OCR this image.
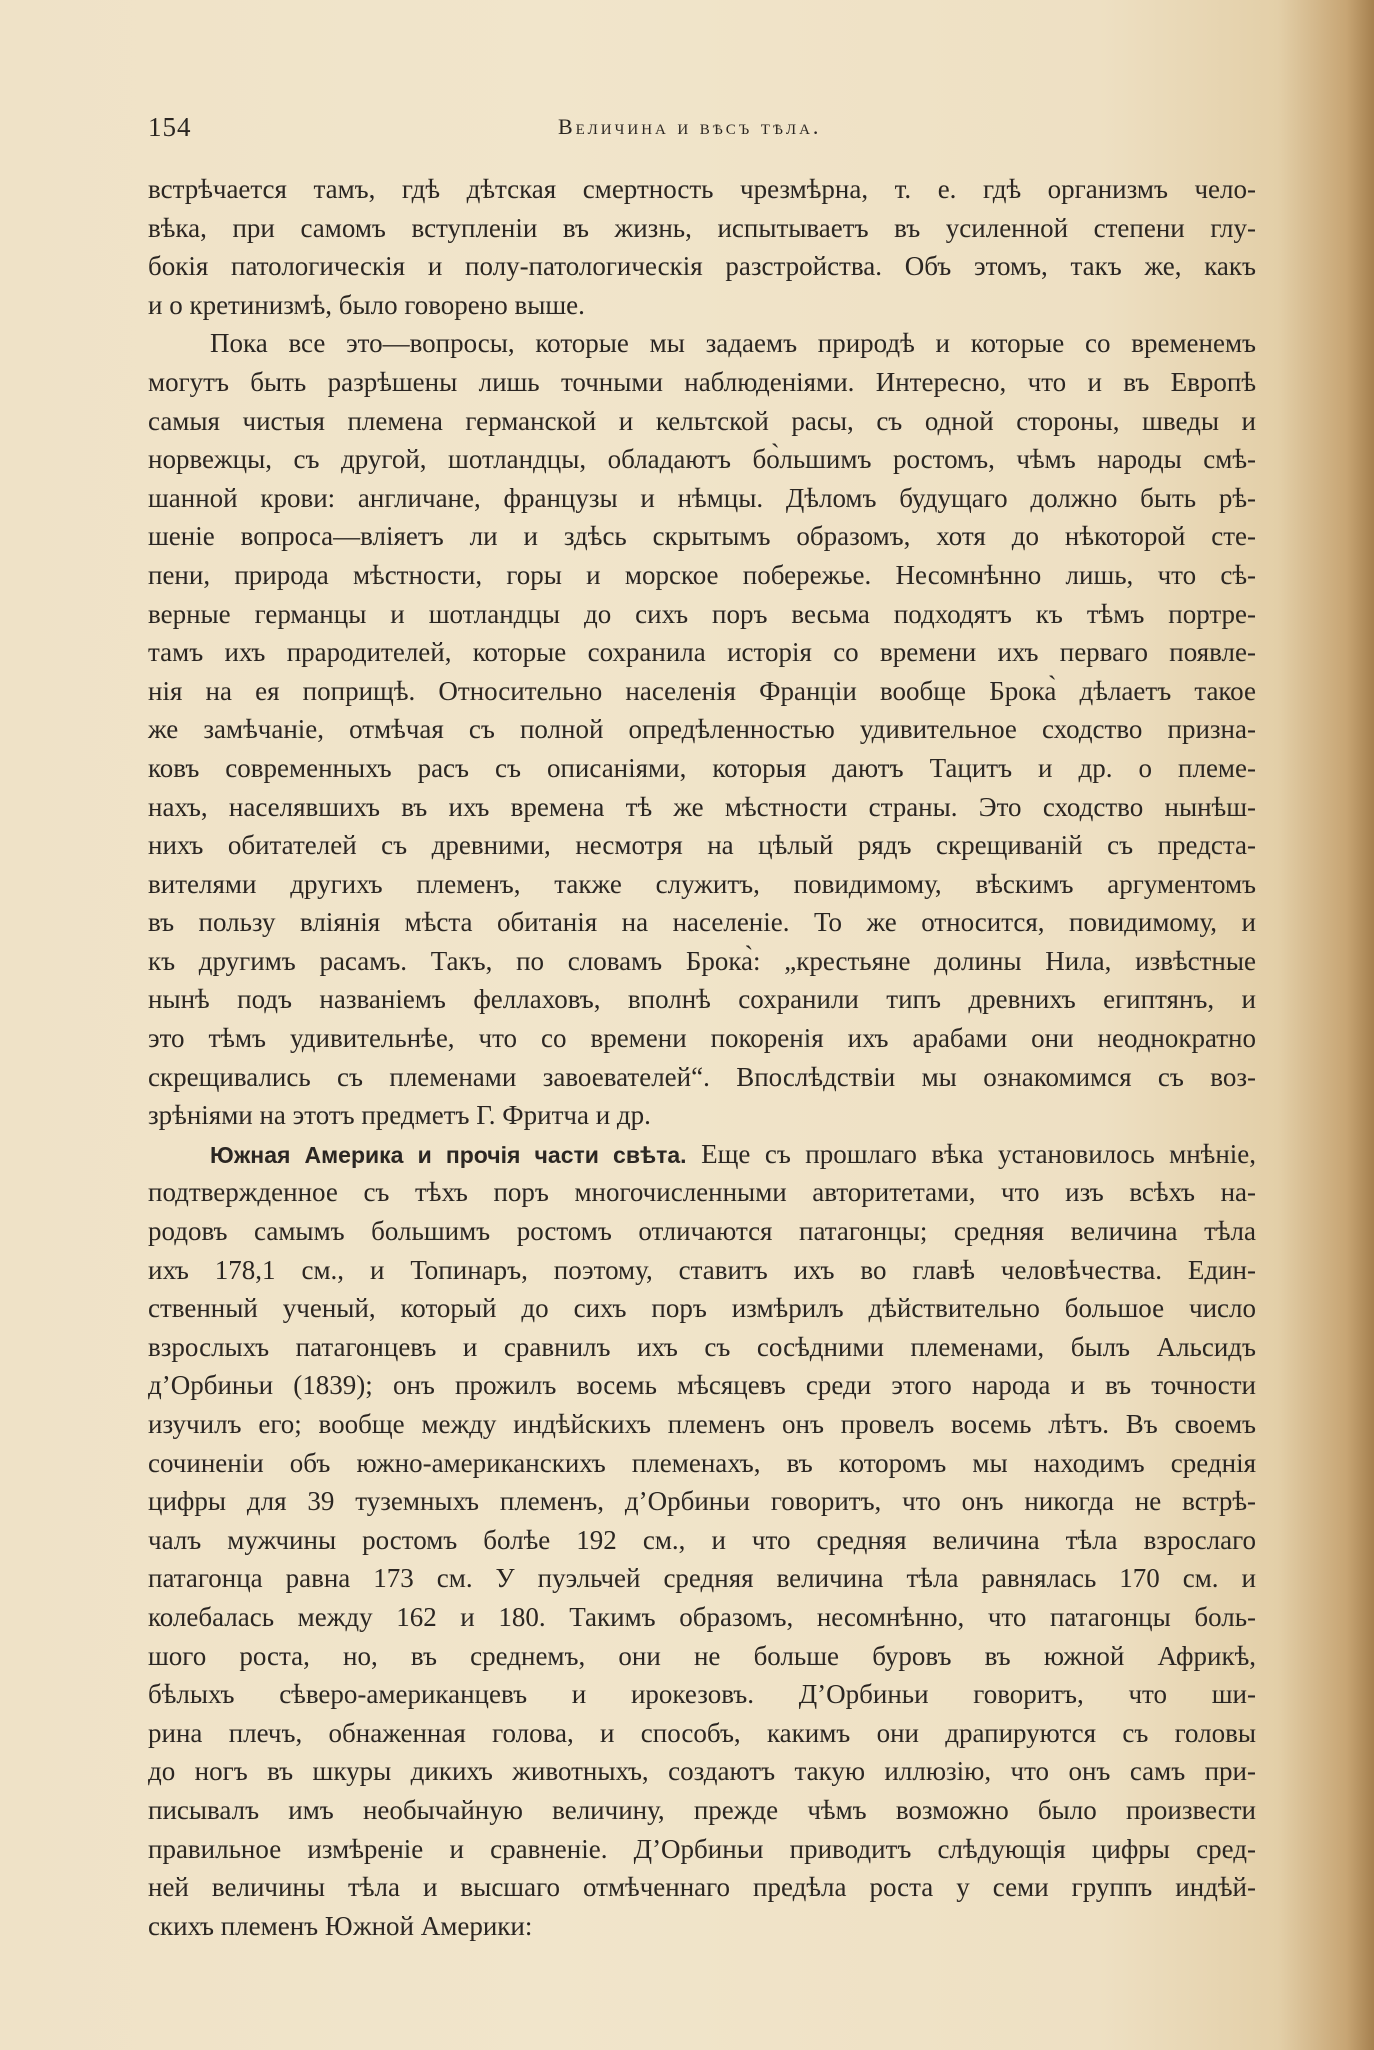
154	Величина и вѣсъ тѣла.
встрѣчается тамъ, гдѣ дѣтская смертность чрезмѣрна, т. е. гдѣ организмъ чело-
вѣка, при самомъ вступленіи въ жизнь, испытываетъ въ усиленной степени глу-
бокія патологическія и полу-патологическія разстройства. Объ этомъ, такъ же, какъ
и о кретинизмѣ, было говорено выше.
Пока все это—вопросы, которые мы задаемъ природѣ и которые со временемъ
могутъ быть разрѣшены лишь точными наблюденіями. Интересно, что и въ Европѣ
самыя чистыя племена германской и кельтской расы, съ одной стороны, шведы и
норвежцы, съ другой, шотландцы, обладаютъ бо̀льшимъ ростомъ, чѣмъ народы смѣ-
шанной крови: англичане, французы и нѣмцы. Дѣломъ будущаго должно быть рѣ-
шеніе вопроса—вліяетъ ли и здѣсь скрытымъ образомъ, хотя до нѣкоторой сте-
пени, природа мѣстности, горы и морское побережье. Несомнѣнно лишь, что сѣ-
верные германцы и шотландцы до сихъ поръ весьма подходятъ къ тѣмъ портре-
тамъ ихъ прародителей, которые сохранила исторія со времени ихъ перваго появле-
нія на ея поприщѣ. Относительно населенія Франціи вообще Брока̀ дѣлаетъ такое
же замѣчаніе, отмѣчая съ полной опредѣленностью удивительное сходство призна-
ковъ современныхъ расъ съ описаніями, которыя даютъ Тацитъ и др. о племе-
нахъ, населявшихъ въ ихъ времена тѣ же мѣстности страны. Это сходство нынѣш-
нихъ обитателей съ древними, несмотря на цѣлый рядъ скрещиваній съ предста-
вителями другихъ племенъ, также служитъ, повидимому, вѣскимъ аргументомъ
въ пользу вліянія мѣста обитанія на населеніе. То же относится, повидимому, и
къ другимъ расамъ. Такъ, по словамъ Брока̀: „крестьяне долины Нила, извѣстные
нынѣ подъ названіемъ феллаховъ, вполнѣ сохранили типъ древнихъ египтянъ, и
это тѣмъ удивительнѣе, что со времени покоренія ихъ арабами они неоднократно
скрещивались съ племенами завоевателей“. Впослѣдствіи мы ознакомимся съ воз-
зрѣніями на этотъ предметъ Г. Фритча и др.
Южная Америка и прочія части свѣта. Еще съ прошлаго вѣка установилось мнѣніе,
подтвержденное съ тѣхъ поръ многочисленными авторитетами, что изъ всѣхъ на-
родовъ самымъ большимъ ростомъ отличаются патагонцы; средняя величина тѣла
ихъ 178,1 см., и Топинаръ, поэтому, ставитъ ихъ во главѣ человѣчества. Един-
ственный ученый, который до сихъ поръ измѣрилъ дѣйствительно большое число
взрослыхъ патагонцевъ и сравнилъ ихъ съ сосѣдними племенами, былъ Альсидъ
д’Орбиньи (1839); онъ прожилъ восемь мѣсяцевъ среди этого народа и въ точности
изучилъ его; вообще между индѣйскихъ племенъ онъ провелъ восемь лѣтъ. Въ своемъ
сочиненіи объ южно-американскихъ племенахъ, въ которомъ мы находимъ среднія
цифры для 39 туземныхъ племенъ, д’Орбиньи говоритъ, что онъ никогда не встрѣ-
чалъ мужчины ростомъ болѣе 192 см., и что средняя величина тѣла взрослаго
патагонца равна 173 см. У пуэльчей средняя величина тѣла равнялась 170 см. и
колебалась между 162 и 180. Такимъ образомъ, несомнѣнно, что патагонцы боль-
шого роста, но, въ среднемъ, они не больше буровъ въ южной Африкѣ,
бѣлыхъ сѣверо-американцевъ и ирокезовъ. Д’Орбиньи говоритъ, что ши-
рина плечъ, обнаженная голова, и способъ, какимъ они драпируются съ головы
до ногъ въ шкуры дикихъ животныхъ, создаютъ такую иллюзію, что онъ самъ при-
писывалъ имъ необычайную величину, прежде чѣмъ возможно было произвести
правильное измѣреніе и сравненіе. Д’Орбиньи приводитъ слѣдующія цифры сред-
ней величины тѣла и высшаго отмѣченнаго предѣла роста у семи группъ индѣй-
скихъ племенъ Южной Америки:
